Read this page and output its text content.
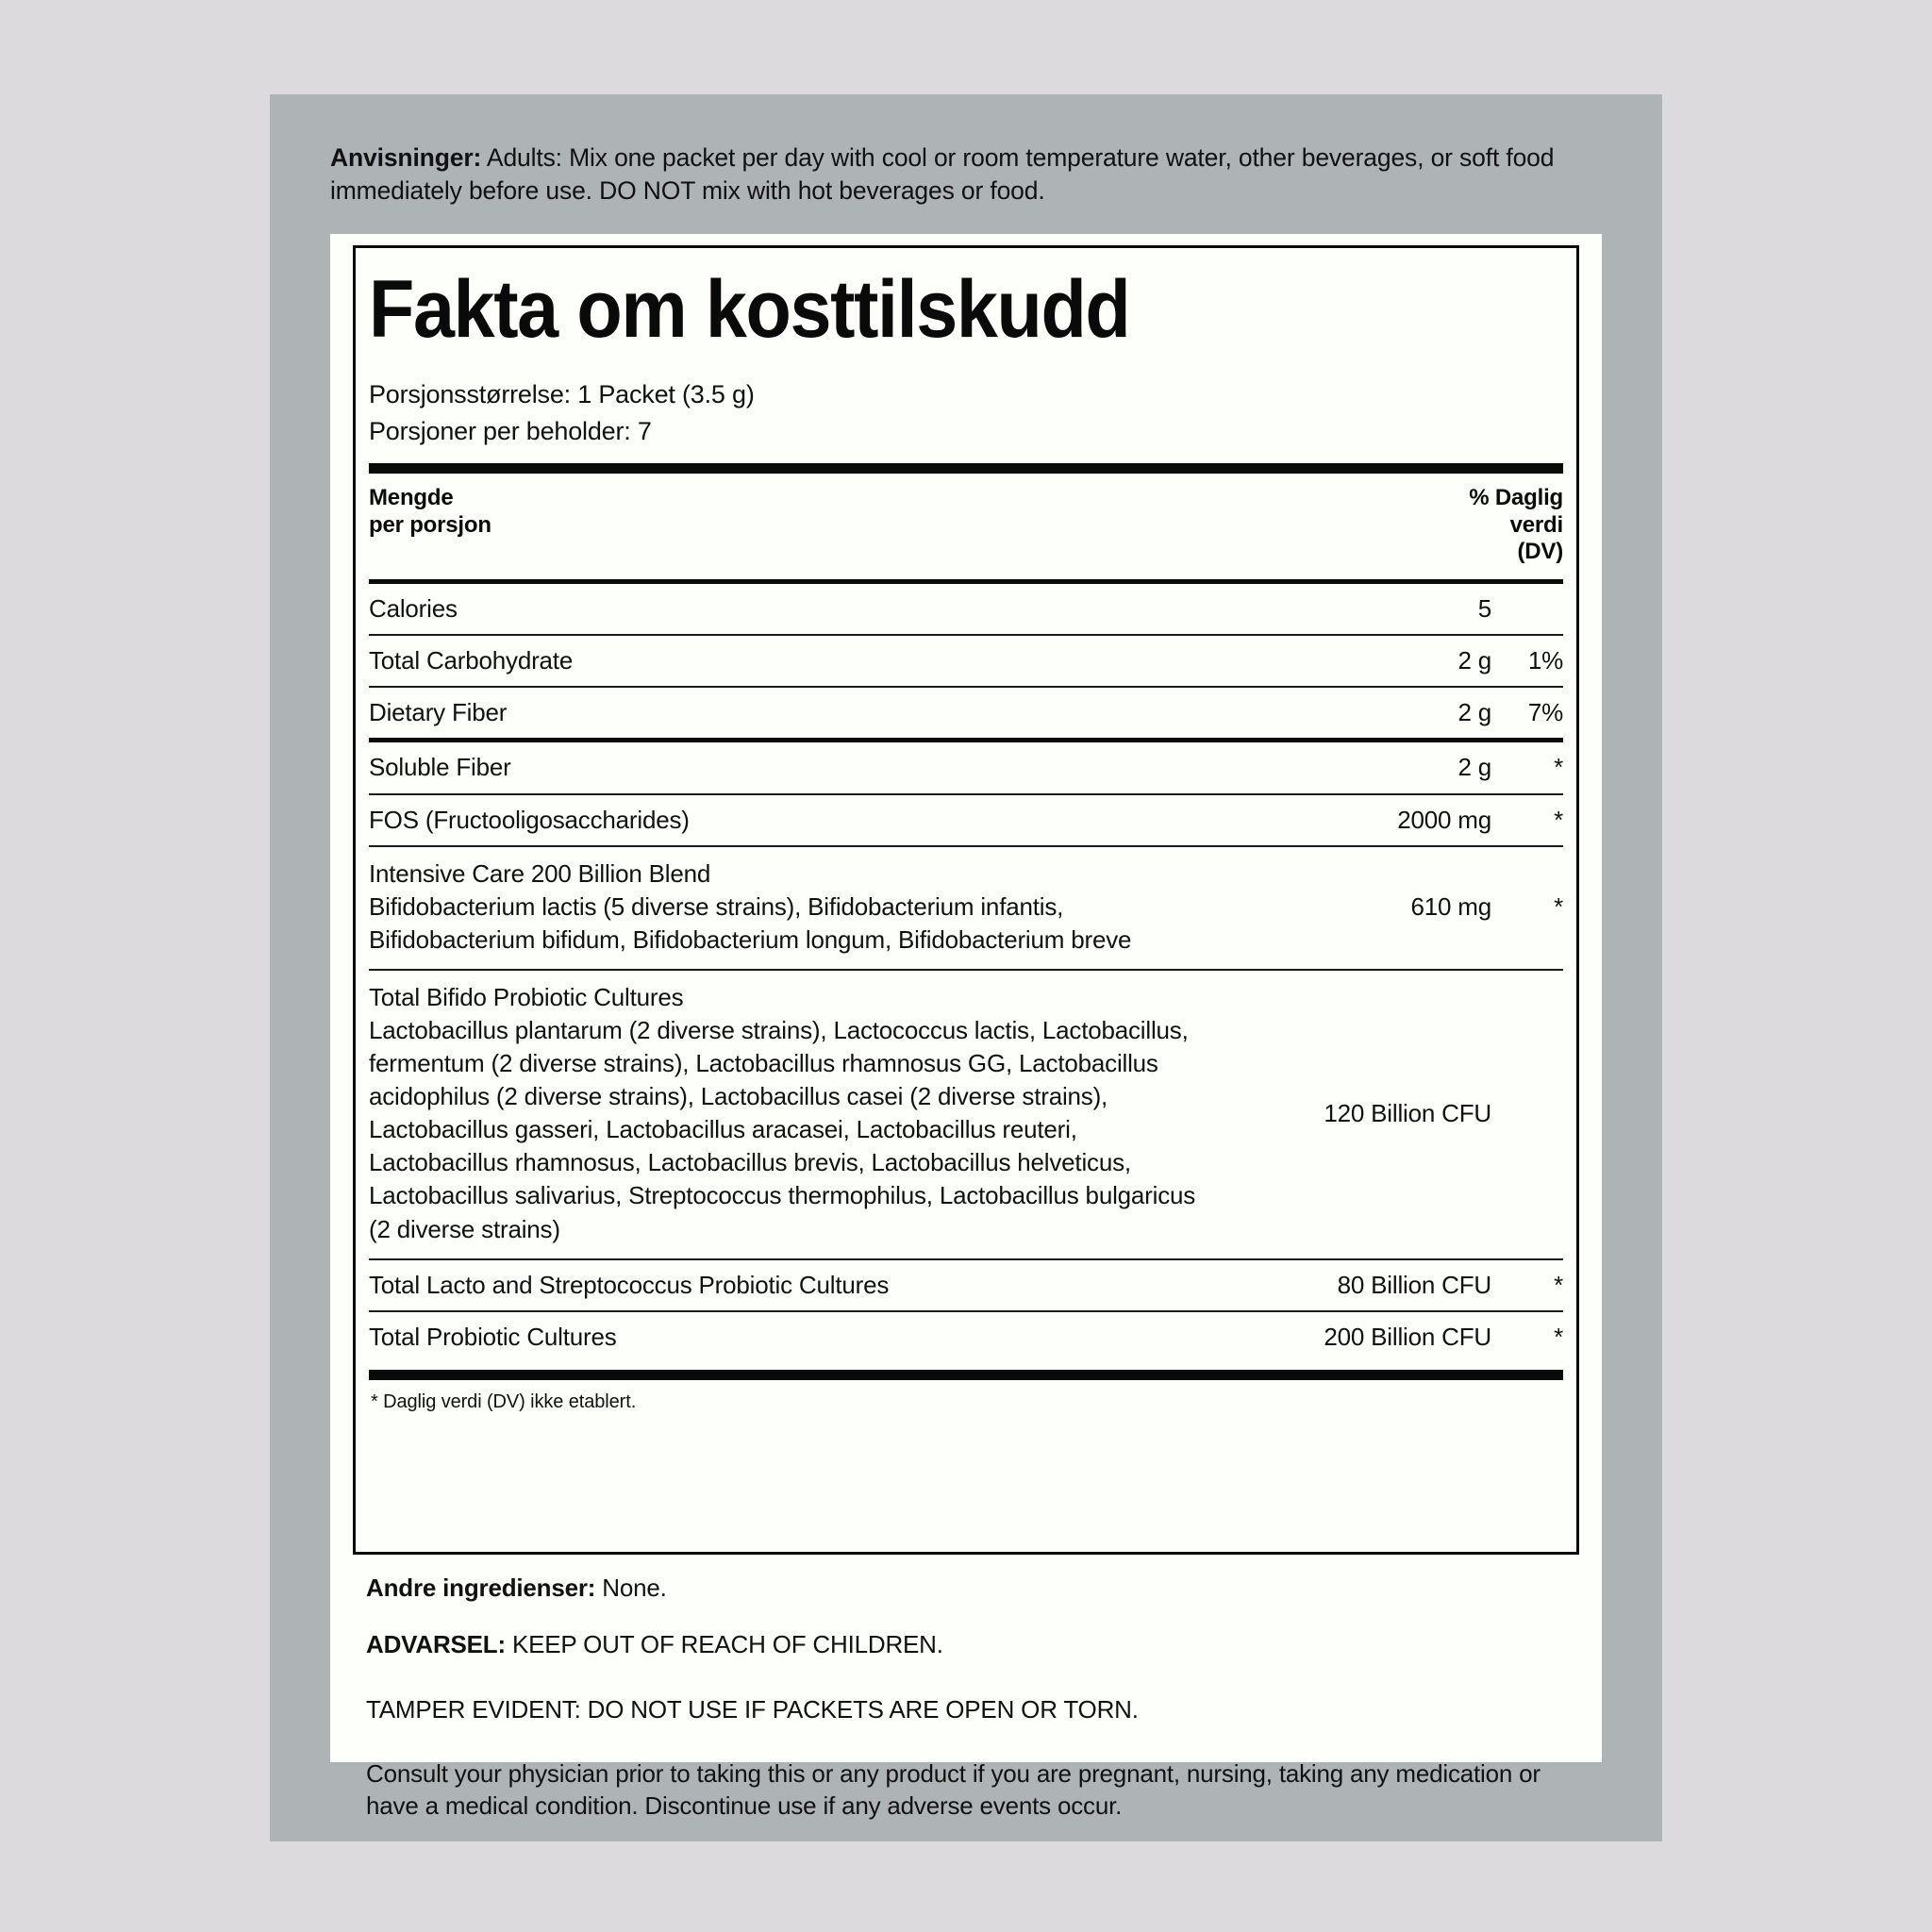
Anvisninger: Adults: Mix one packet per day with cool or room temperature water, other beverages, or soft food immediately before use. DO NOT mix with hot beverages or food.
Fakta om kosttilskudd
Porsjonsstørrelse: 1 Packet (3.5 g)
Porsjoner per beholder: 7
Mengde
per porsjon
% Daglig
verdi
(DV)
Calories	5
Total Carbohydrate	2 g	1%
Dietary Fiber	2 g	7%
Soluble Fiber	2 g	*
FOS (Fructooligosaccharides)	2000 mg	*
Intensive Care 200 Billion Blend
Bifidobacterium lactis (5 diverse strains), Bifidobacterium infantis,
Bifidobacterium bifidum, Bifidobacterium longum, Bifidobacterium breve
610 mg	*
Total Bifido Probiotic Cultures
Lactobacillus plantarum (2 diverse strains), Lactococcus lactis, Lactobacillus,
fermentum (2 diverse strains), Lactobacillus rhamnosus GG, Lactobacillus
acidophilus (2 diverse strains), Lactobacillus casei (2 diverse strains),
Lactobacillus gasseri, Lactobacillus aracasei, Lactobacillus reuteri,
Lactobacillus rhamnosus, Lactobacillus brevis, Lactobacillus helveticus,
Lactobacillus salivarius, Streptococcus thermophilus, Lactobacillus bulgaricus
(2 diverse strains)
120 Billion CFU
Total Lacto and Streptococcus Probiotic Cultures	80 Billion CFU	*
Total Probiotic Cultures	200 Billion CFU	*
* Daglig verdi (DV) ikke etablert.

Andre ingredienser: None.

ADVARSEL: KEEP OUT OF REACH OF CHILDREN.

TAMPER EVIDENT: DO NOT USE IF PACKETS ARE OPEN OR TORN.

Consult your physician prior to taking this or any product if you are pregnant, nursing, taking any medication or have a medical condition. Discontinue use if any adverse events occur.
